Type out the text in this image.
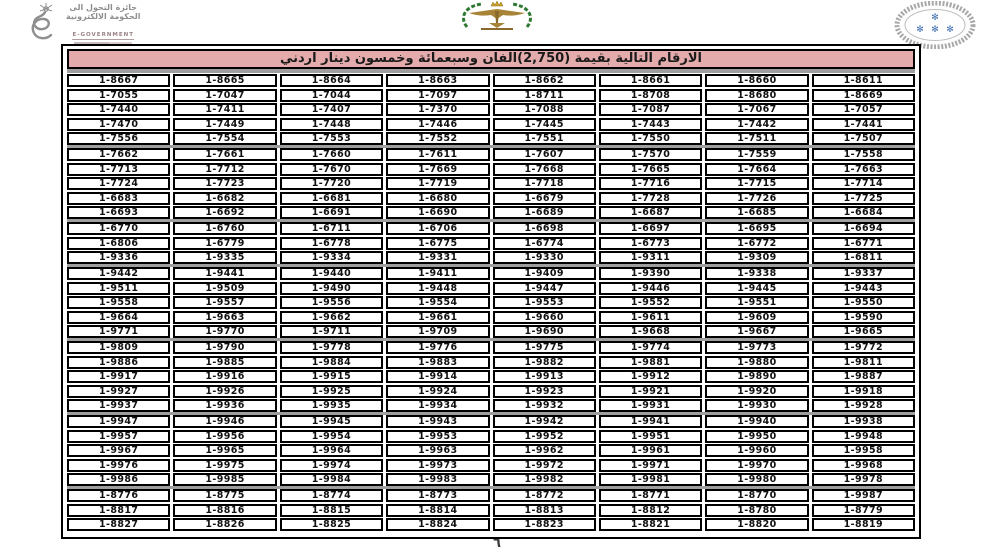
جائزة التحول الى
الحكومة الالكترونية
E-GOVERNMENT
✻
✻ ✻ ✻
الارقام التالية بقيمة (2,750)الفان وسبعمائة وخمسون دينار اردني
1-8667	1-8665	1-8664	1-8663	1-8662	1-8661	1-8660	1-8611
1-7055	1-7047	1-7044	1-7097	1-8711	1-8708	1-8680	1-8669
1-7440	1-7411	1-7407	1-7370	1-7088	1-7087	1-7067	1-7057
1-7470	1-7449	1-7448	1-7446	1-7445	1-7443	1-7442	1-7441
1-7556	1-7554	1-7553	1-7552	1-7551	1-7550	1-7511	1-7507
1-7662	1-7661	1-7660	1-7611	1-7607	1-7570	1-7559	1-7558
1-7713	1-7712	1-7670	1-7669	1-7668	1-7665	1-7664	1-7663
1-7724	1-7723	1-7720	1-7719	1-7718	1-7716	1-7715	1-7714
1-6683	1-6682	1-6681	1-6680	1-6679	1-7728	1-7726	1-7725
1-6693	1-6692	1-6691	1-6690	1-6689	1-6687	1-6685	1-6684
1-6770	1-6760	1-6711	1-6706	1-6698	1-6697	1-6695	1-6694
1-6806	1-6779	1-6778	1-6775	1-6774	1-6773	1-6772	1-6771
1-9336	1-9335	1-9334	1-9331	1-9330	1-9311	1-9309	1-6811
1-9442	1-9441	1-9440	1-9411	1-9409	1-9390	1-9338	1-9337
1-9511	1-9509	1-9490	1-9448	1-9447	1-9446	1-9445	1-9443
1-9558	1-9557	1-9556	1-9554	1-9553	1-9552	1-9551	1-9550
1-9664	1-9663	1-9662	1-9661	1-9660	1-9611	1-9609	1-9590
1-9771	1-9770	1-9711	1-9709	1-9690	1-9668	1-9667	1-9665
1-9809	1-9790	1-9778	1-9776	1-9775	1-9774	1-9773	1-9772
1-9886	1-9885	1-9884	1-9883	1-9882	1-9881	1-9880	1-9811
1-9917	1-9916	1-9915	1-9914	1-9913	1-9912	1-9890	1-9887
1-9927	1-9926	1-9925	1-9924	1-9923	1-9921	1-9920	1-9918
1-9937	1-9936	1-9935	1-9934	1-9932	1-9931	1-9930	1-9928
1-9947	1-9946	1-9945	1-9943	1-9942	1-9941	1-9940	1-9938
1-9957	1-9956	1-9954	1-9953	1-9952	1-9951	1-9950	1-9948
1-9967	1-9965	1-9964	1-9963	1-9962	1-9961	1-9960	1-9958
1-9976	1-9975	1-9974	1-9973	1-9972	1-9971	1-9970	1-9968
1-9986	1-9985	1-9984	1-9983	1-9982	1-9981	1-9980	1-9978
1-8776	1-8775	1-8774	1-8773	1-8772	1-8771	1-8770	1-9987
1-8817	1-8816	1-8815	1-8814	1-8813	1-8812	1-8780	1-8779
1-8827	1-8826	1-8825	1-8824	1-8823	1-8821	1-8820	1-8819
٦
